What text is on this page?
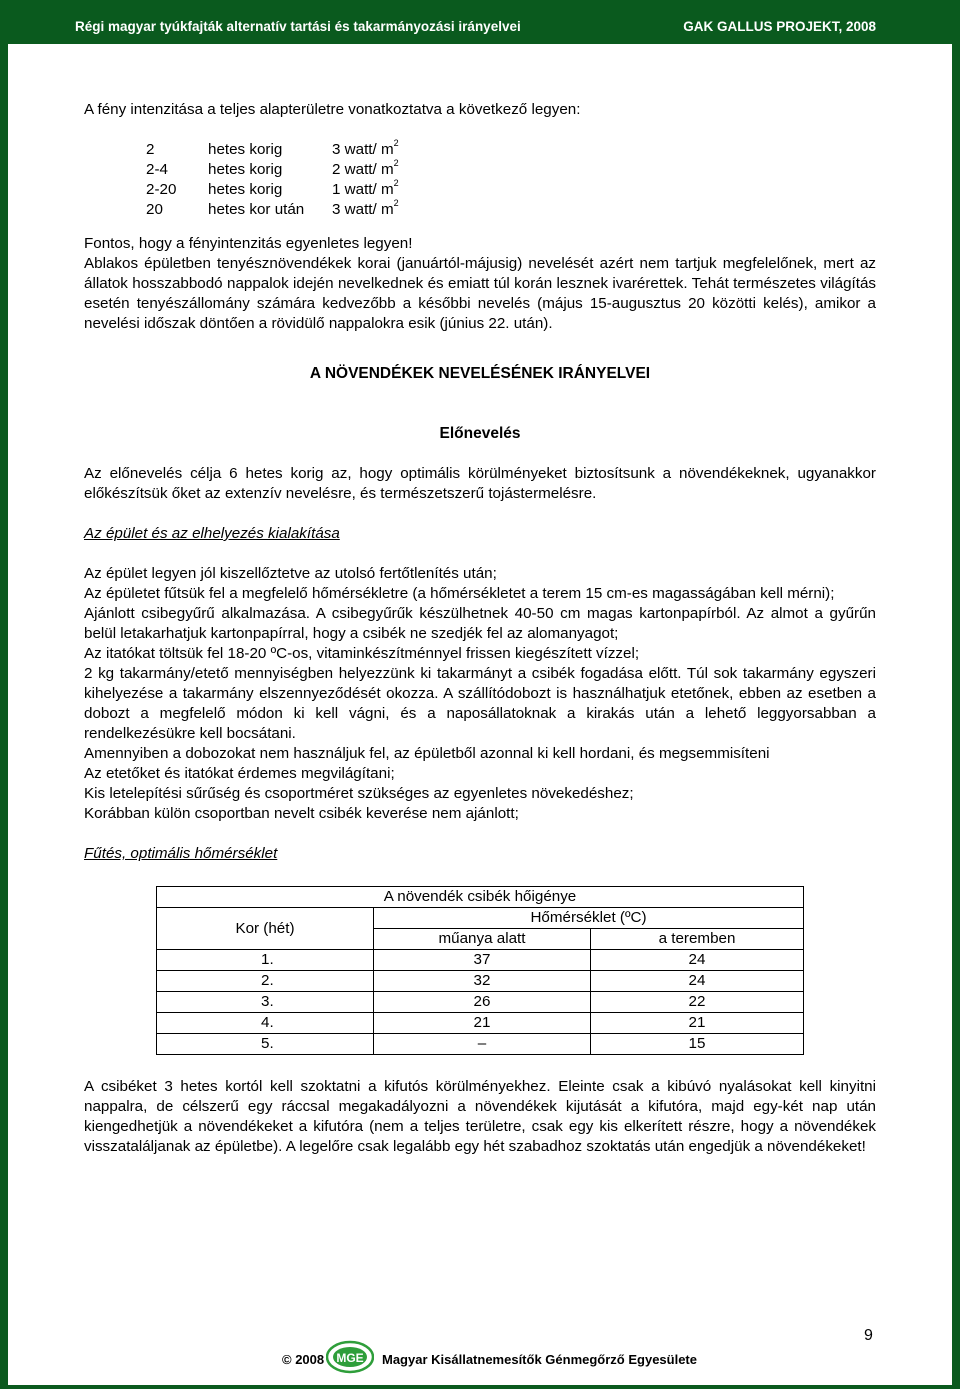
Régi magyar tyúkfajták alternatív tartási és takarmányozási irányelvei	GAK GALLUS PROJEKT, 2008

A fény intenzitása a teljes alapterületre vonatkoztatva a következő legyen:

2	hetes korig	3 watt/ $m^2$
2-4	hetes korig	2 watt/ $m^2$
2-20	hetes korig	1 watt/ $m^2$
20	hetes kor után	3 watt/ $m^2$

Fontos, hogy a fényintenzitás egyenletes legyen!

Ablakos épületben tenyésznövendékek korai (januártól-májusig) nevelését azért nem tartjuk megfelelőnek, mert az állatok hosszabbodó nappalok idején nevelkednek és emiatt túl korán lesznek ivarérettek. Tehát természetes világítás esetén tenyészállomány számára kedvezőbb a későbbi nevelés (május 15-augusztus 20 közötti kelés), amikor a nevelési időszak döntően a rövidülő nappalokra esik (június 22. után).

A NÖVENDÉKEK NEVELÉSÉNEK IRÁNYELVEI

Előnevelés

Az előnevelés célja 6 hetes korig az, hogy optimális körülményeket biztosítsunk a növendékeknek, ugyanakkor előkészítsük őket az extenzív nevelésre, és természetszerű tojástermelésre.

Az épület és az elhelyezés kialakítása

Az épület legyen jól kiszellőztetve az utolsó fertőtlenítés után;

Az épületet fűtsük fel a megfelelő hőmérsékletre (a hőmérsékletet a terem 15 cm-es magasságában kell mérni);

Ajánlott csibegyűrű alkalmazása. A csibegyűrűk készülhetnek 40-50 cm magas kartonpapírból. Az almot a gyűrűn belül letakarhatjuk kartonpapírral, hogy a csibék ne szedjék fel az alomanyagot;

Az itatókat töltsük fel 18-20 ºC-os, vitaminkészítménnyel frissen kiegészített vízzel;

2 kg takarmány/etető mennyiségben helyezzünk ki takarmányt a csibék fogadása előtt. Túl sok takarmány egyszeri kihelyezése a takarmány elszennyeződését okozza. A szállítódobozt is használhatjuk etetőnek, ebben az esetben a dobozt a megfelelő módon ki kell vágni, és a naposállatoknak a kirakás után a lehető leggyorsabban a rendelkezésükre kell bocsátani.

Amennyiben a dobozokat nem használjuk fel, az épületből azonnal ki kell hordani, és megsemmisíteni

Az etetőket és itatókat érdemes megvilágítani;

Kis letelepítési sűrűség és csoportméret szükséges az egyenletes növekedéshez;

Korábban külön csoportban nevelt csibék keverése nem ajánlott;

Fűtés, optimális hőmérséklet

A növendék csibék hőigénye		
Kor (hét)	Hőmérséklet (ºC)	
	műanya alatt	a teremben
1.	37	24
2.	32	24
3.	26	22
4.	21	21
5.	–	15

A csibéket 3 hetes kortól kell szoktatni a kifutós körülményekhez. Eleinte csak a kibúvó nyalásokat kell kinyitni nappalra, de célszerű egy ráccsal megakadályozni a növendékek kijutását a kifutóra, majd egy-két nap után kiengedhetjük a növendékeket a kifutóra (nem a teljes területre, csak egy kis elkerített részre, hogy a növendékek visszataláljanak az épületbe). A legelőre csak legalább egy hét szabadhoz szoktatás után engedjük a növendékeket!

9
© 2008 MGE Magyar Kisállatnemesítők Génmegőrző Egyesülete
